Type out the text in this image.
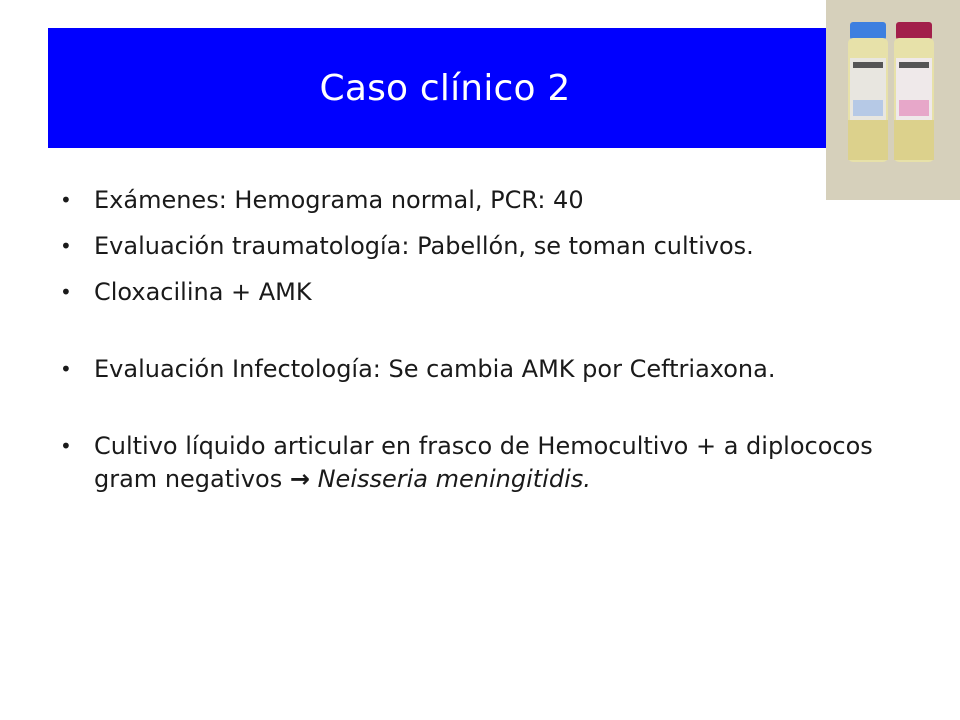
Caso clínico 2
• Exámenes: Hemograma normal, PCR: 40
• Evaluación traumatología: Pabellón, se toman cultivos.
• Cloxacilina + AMK
• Evaluación Infectología: Se cambia AMK por Ceftriaxona.
• Cultivo líquido articular en frasco de Hemocultivo + a diplococos gram negativos → Neisseria meningitidis.
